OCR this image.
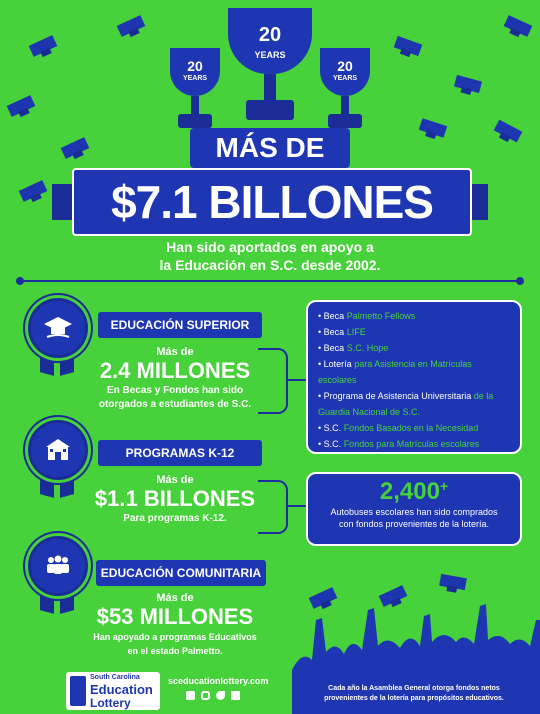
20
YEARS
20
YEARS
20
YEARS
MÁS DE
$7.1 BILLONES
Han sido aportados en apoyo a
la Educación en S.C. desde 2002.
EDUCACIÓN SUPERIOR
Más de
2.4 MILLONES
En Becas y Fondos han sido
otorgados a estudiantes de S.C.
• Beca Palmetto Fellows
• Beca LIFE
• Beca S.C. Hope
• Lotería para Asistencia en Matrículas escolares
• Programa de Asistencia Universitaria de la Guardia Nacional de S.C.
• S.C. Fondos Basados en la Necesidad
• S.C. Fondos para Matrículas escolares
PROGRAMAS K-12
Más de
$1.1 BILLONES
Para programas K-12.
2,400+
Autobuses escolares han sido comprados
con fondos provenientes de la lotería.
EDUCACIÓN COMUNITARIA
Más de
$53 MILLONES
Han apoyado a programas Educativos
en el estado Palmetto.
South Carolina
Education
Lottery
sceducationlottery.com
Cada año la Asamblea General otorga fondos netos
provenientes de la lotería para propósitos educativos.
